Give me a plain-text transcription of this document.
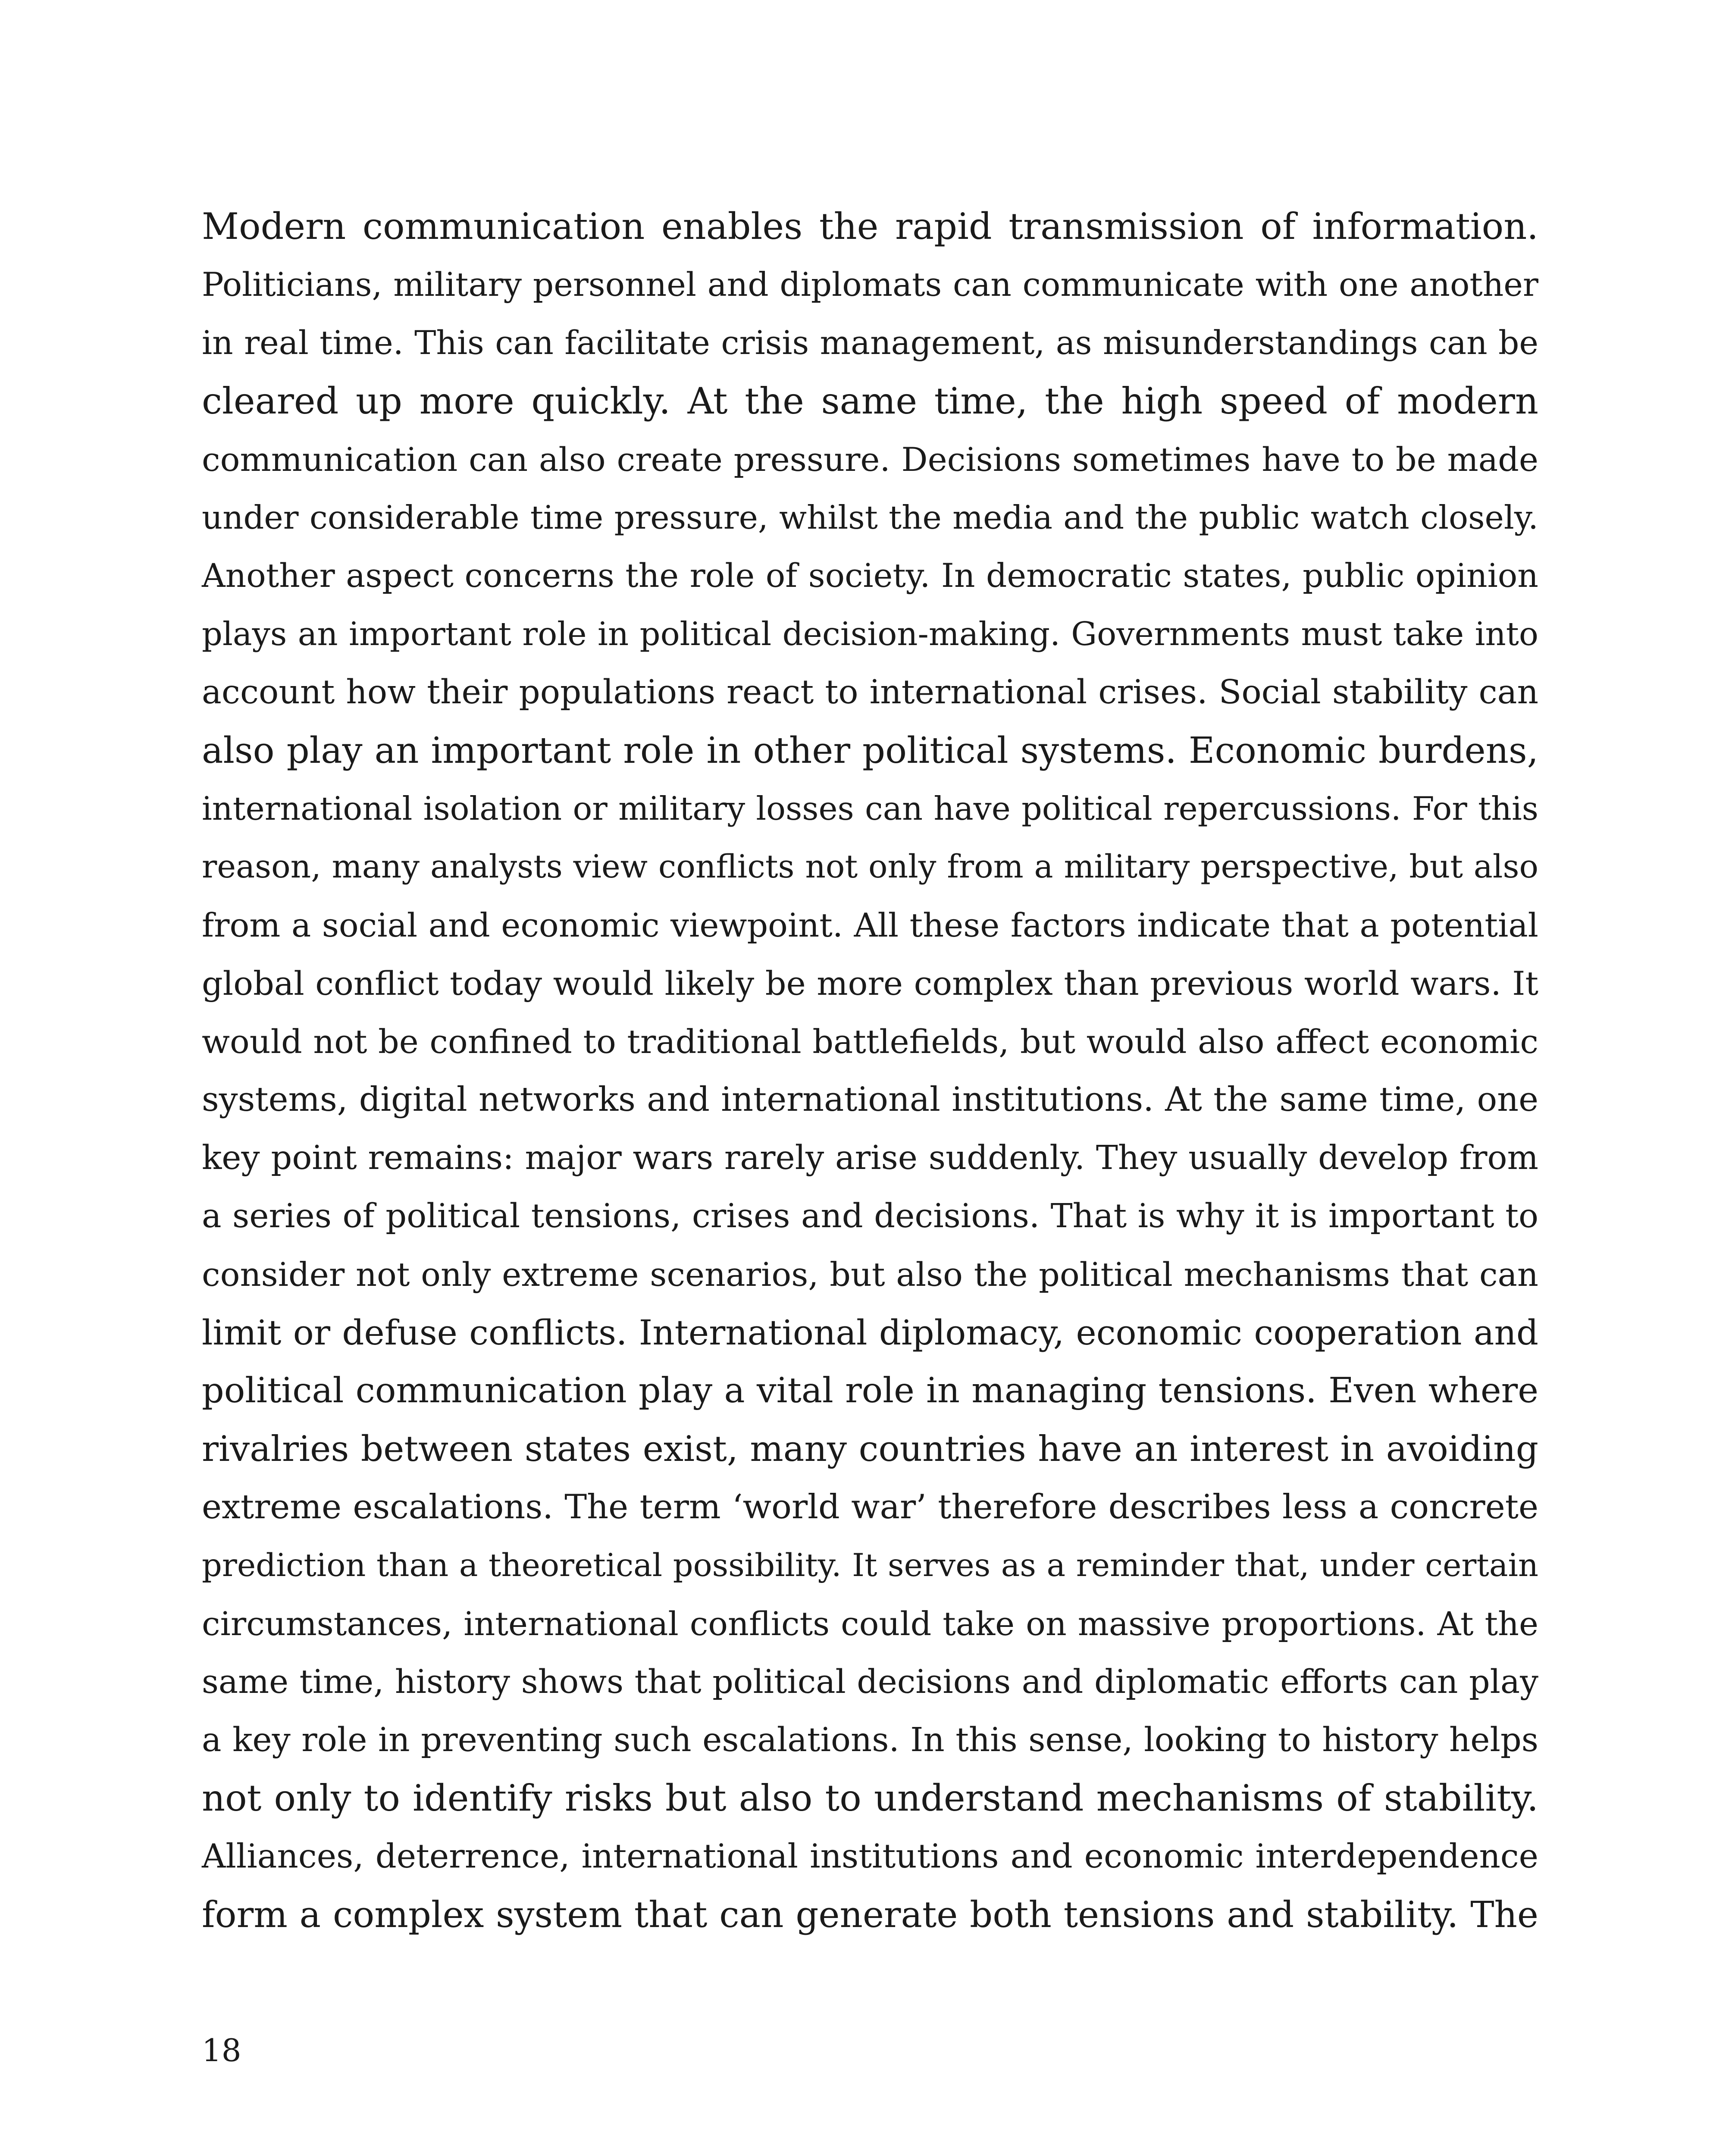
Modern communication enables the rapid transmission of information.
Politicians, military personnel and diplomats can communicate with one another
in real time. This can facilitate crisis management, as misunderstandings can be
cleared up more quickly. At the same time, the high speed of modern
communication can also create pressure. Decisions sometimes have to be made
under considerable time pressure, whilst the media and the public watch closely.
Another aspect concerns the role of society. In democratic states, public opinion
plays an important role in political decision-making. Governments must take into
account how their populations react to international crises. Social stability can
also play an important role in other political systems. Economic burdens,
international isolation or military losses can have political repercussions. For this
reason, many analysts view conflicts not only from a military perspective, but also
from a social and economic viewpoint. All these factors indicate that a potential
global conflict today would likely be more complex than previous world wars. It
would not be confined to traditional battlefields, but would also affect economic
systems, digital networks and international institutions. At the same time, one
key point remains: major wars rarely arise suddenly. They usually develop from
a series of political tensions, crises and decisions. That is why it is important to
consider not only extreme scenarios, but also the political mechanisms that can
limit or defuse conflicts. International diplomacy, economic cooperation and
political communication play a vital role in managing tensions. Even where
rivalries between states exist, many countries have an interest in avoiding
extreme escalations. The term ‘world war’ therefore describes less a concrete
prediction than a theoretical possibility. It serves as a reminder that, under certain
circumstances, international conflicts could take on massive proportions. At the
same time, history shows that political decisions and diplomatic efforts can play
a key role in preventing such escalations. In this sense, looking to history helps
not only to identify risks but also to understand mechanisms of stability.
Alliances, deterrence, international institutions and economic interdependence
form a complex system that can generate both tensions and stability. The
18
